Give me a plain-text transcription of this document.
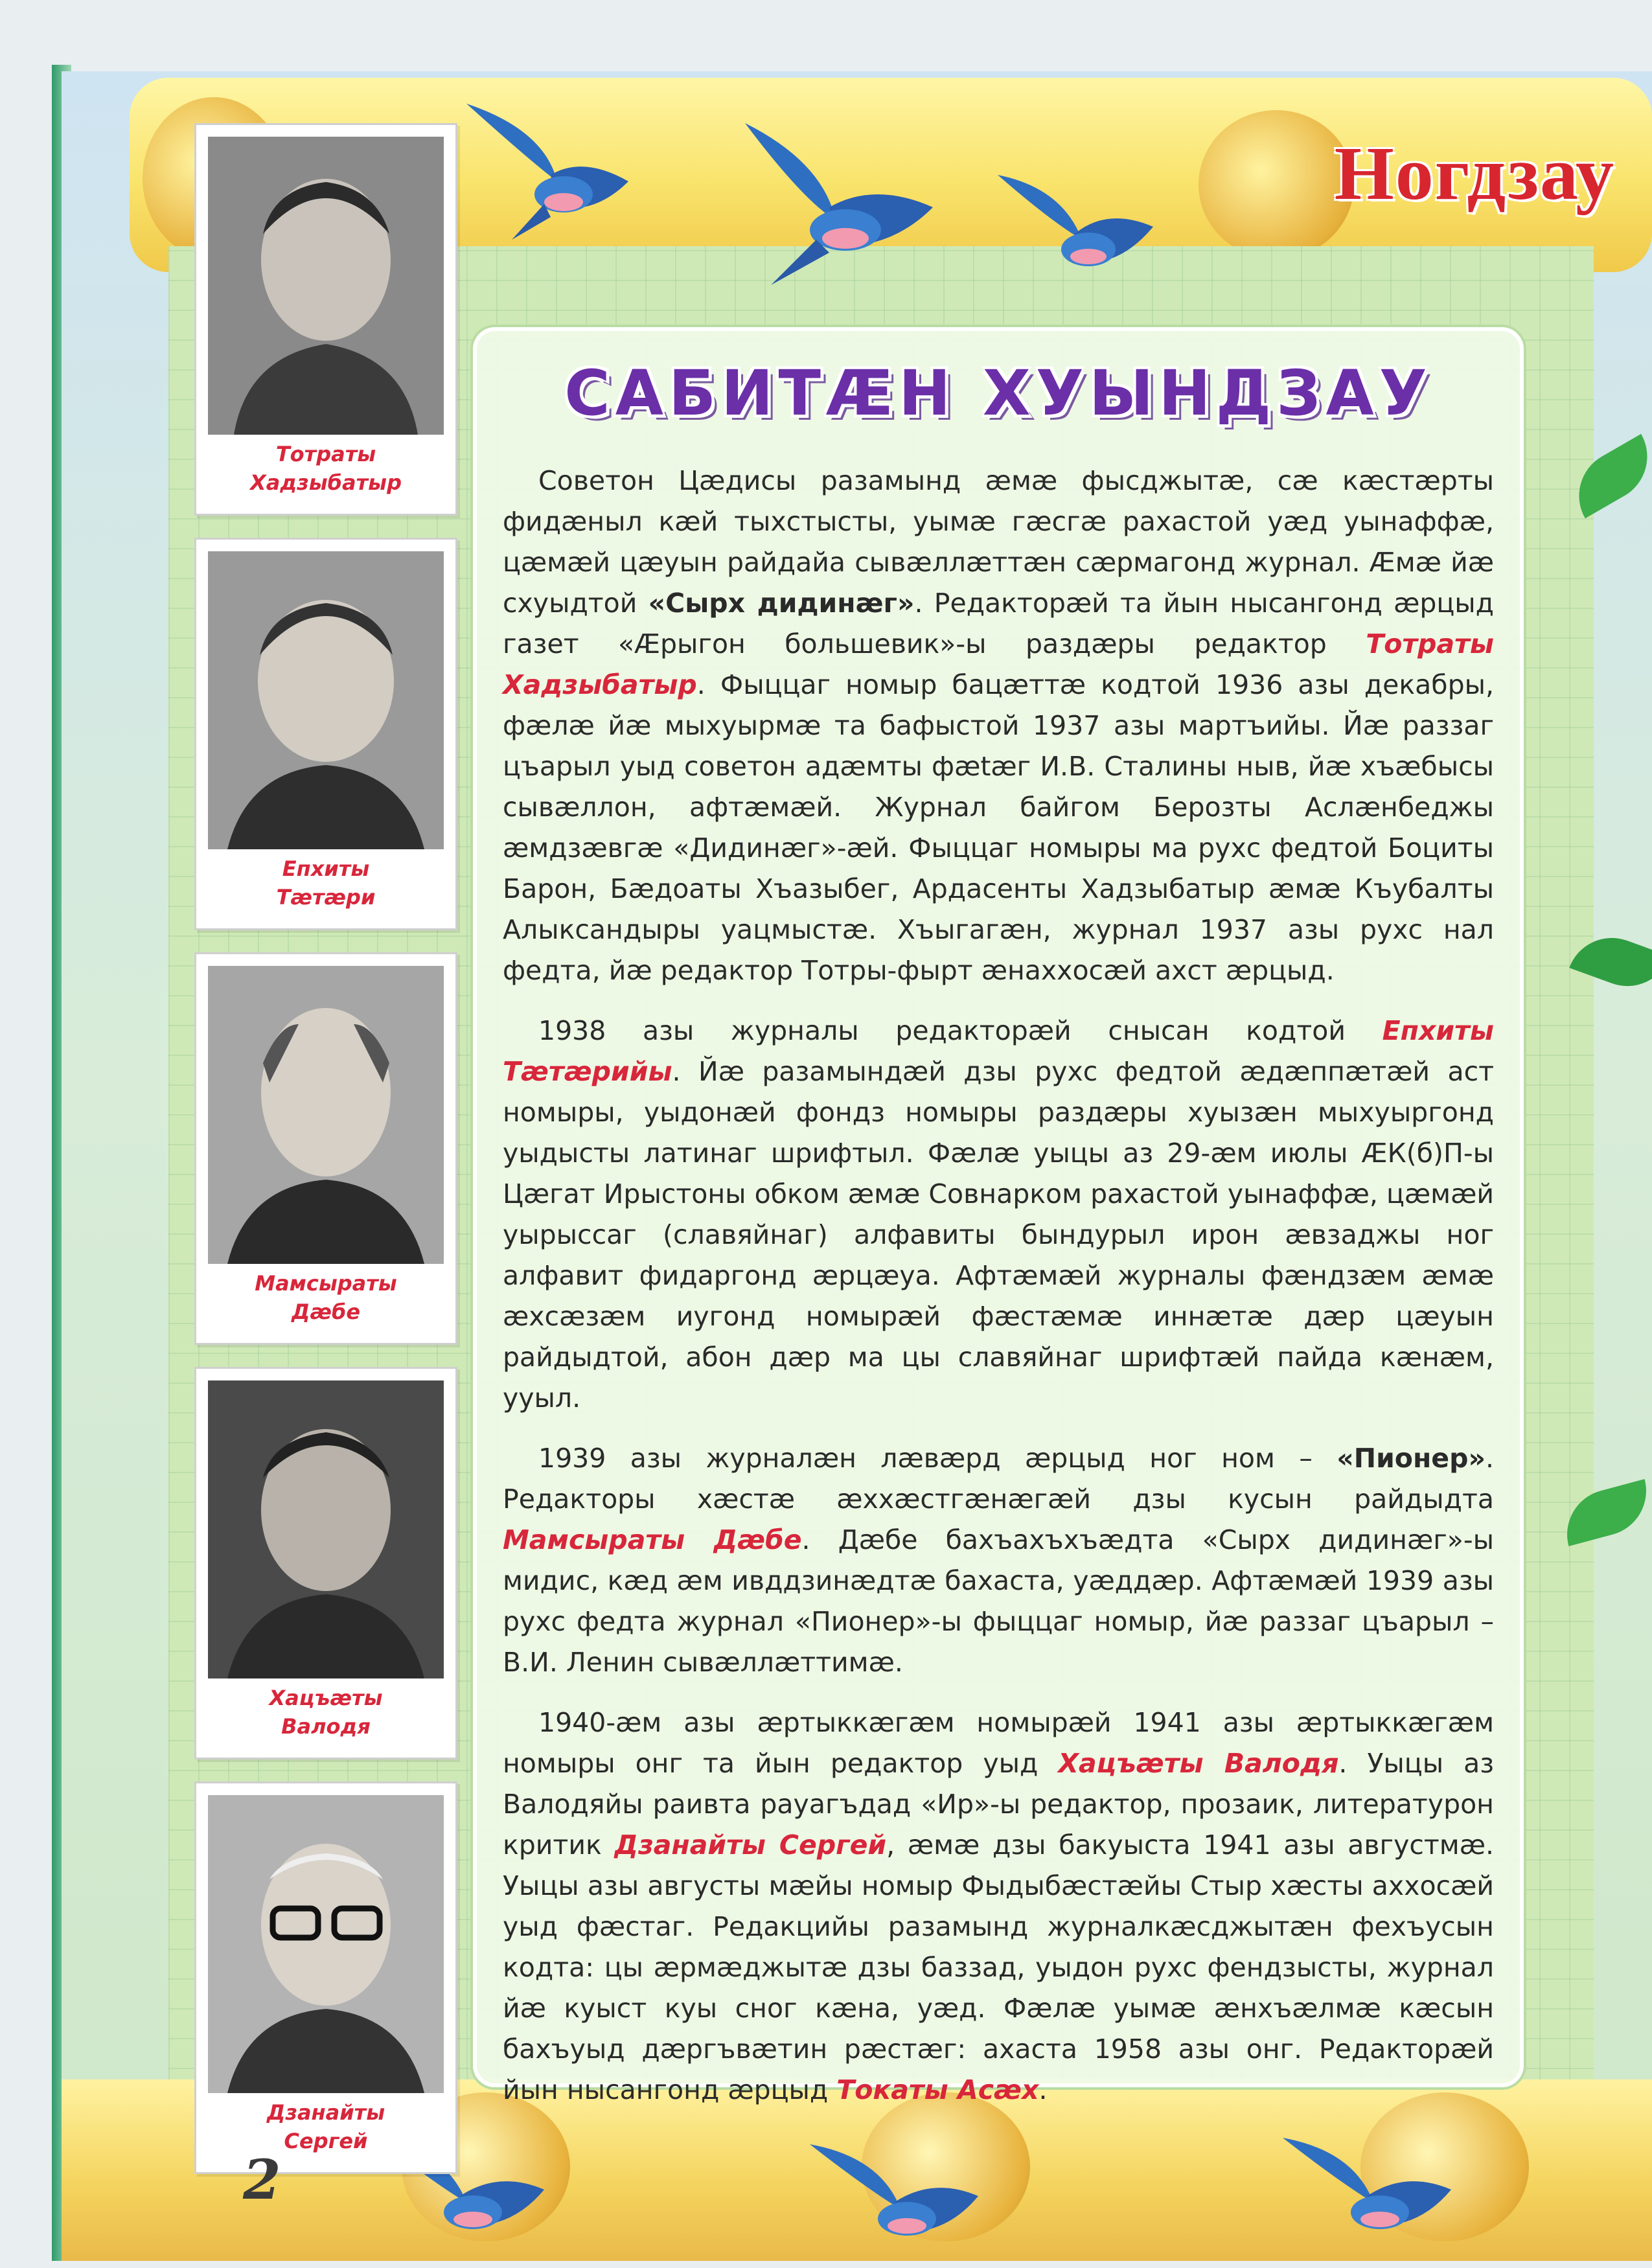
Ногдзау
Тотраты
Хадзыбатыр
Епхиты
Тæтæри
Мамсыраты
Дæбе
Хацъæты
Валодя
Дзанайты
Сергей
САБИТÆН ХУЫНДЗАУ

Советон Цæдисы разамынд æмæ фысджытæ, сæ кæстæрты фидæныл кæй тыхстысты, уымæ гæсгæ рахастой уæд уынаффæ, цæмæй цæуын райдайа сывæллæттæн сæрмагонд журнал. Æмæ йæ схуыдтой «Сырх дидинæг». Редакторæй та йын нысангонд æрцыд газет «Æрыгон большевик»-ы раздæры редактор Тотраты Хадзыбатыр. Фыццаг номыр бацæттæ кодтой 1936 азы декабры, фæлæ йæ мыхуырмæ та бафыстой 1937 азы мартъийы. Йæ раззаг цъарыл уыд советон адæмты фætæг И.В. Сталины ныв, йæ хъæбысы сывæллон, афтæмæй. Журнал байгом Берозты Аслæнбеджы æмдзæвгæ «Дидинæг»-æй. Фыццаг номыры ма рухс федтой Боциты Барон, Бæдоаты Хъазыбег, Ардасенты Хадзыбатыр æмæ Къубалты Алыксандыры уацмыстæ. Хъыгагæн, журнал 1937 азы рухс нал федта, йæ редактор Тотры-фырт æнаххосæй ахст æрцыд.

1938 азы журналы редакторæй снысан кодтой Епхиты Тæтæрийы. Йæ разамындæй дзы рухс федтой æдæппæтæй аст номыры, уыдонæй фондз номыры раздæры хуызæн мыхуыргонд уыдысты латинаг шрифтыл. Фæлæ уыцы аз 29-æм июлы ÆК(б)П-ы Цæгат Ирыстоны обком æмæ Совнарком рахастой уынаффæ, цæмæй уырыссаг (славяйнаг) алфавиты бындурыл ирон æвзаджы ног алфавит фидаргонд æрцæуа. Афтæмæй журналы фæндзæм æмæ æхсæзæм иугонд номырæй фæстæмæ иннæтæ дæр цæуын райдыдтой, абон дæр ма цы славяйнаг шрифтæй пайда кæнæм, ууыл.

1939 азы журналæн лæвæрд æрцыд ног ном – «Пионер». Редакторы хæстæ æххæстгæнæгæй дзы кусын райдыдта Мамсыраты Дæбе. Дæбе бахъахъхъæдта «Сырх дидинæг»-ы мидис, кæд æм ивддзинæдтæ бахаста, уæддæр. Афтæмæй 1939 азы рухс федта журнал «Пионер»-ы фыццаг номыр, йæ раззаг цъарыл – В.И. Ленин сывæллæттимæ.

1940-æм азы æртыккæгæм номырæй 1941 азы æртыккæгæм номыры онг та йын редактор уыд Хацъæты Валодя. Уыцы аз Валодяйы раивта рауагъдад «Ир»-ы редактор, прозаик, литературон критик Дзанайты Сергей, æмæ дзы бакуыста 1941 азы августмæ. Уыцы азы августы мæйы номыр Фыдыбæстæйы Стыр хæсты аххосæй уыд фæстаг. Редакцийы разамынд журналкæсджытæн фехъусын кодта: цы æрмæджытæ дзы баззад, уыдон рухс фендзысты, журнал йæ куыст куы сног кæна, уæд. Фæлæ уымæ æнхъæлмæ кæсын бахъуыд дæргъвæтин рæстæг: ахаста 1958 азы онг. Редакторæй йын нысангонд æрцыд Токаты Асæх.

2
